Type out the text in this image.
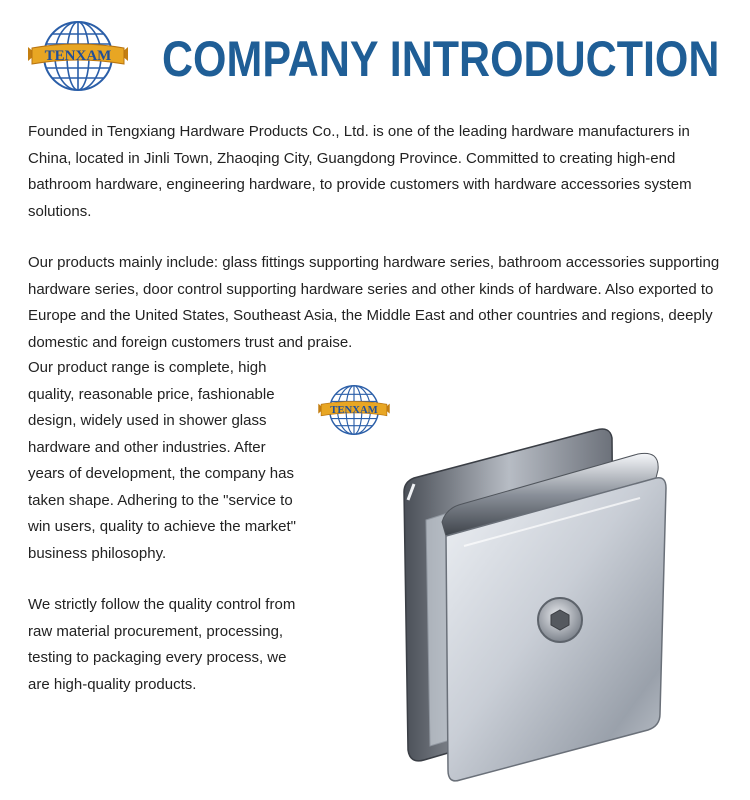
TENXAM COMPANY INTRODUCTION

Founded in Tengxiang Hardware Products Co., Ltd. is one of the leading hardware manufacturers in China, located in Jinli Town, Zhaoqing City, Guangdong Province. Committed to creating high-end bathroom hardware, engineering hardware, to provide customers with hardware accessories system solutions.

Our products mainly include: glass fittings supporting hardware series, bathroom accessories supporting hardware series, door control supporting hardware series and other kinds of hardware. Also exported to Europe and the United States, Southeast Asia, the Middle East and other countries and regions, deeply domestic and foreign customers trust and praise.

Our product range is complete, high quality, reasonable price, fashionable design, widely used in shower glass hardware and other industries. After years of development, the company has taken shape. Adhering to the "service to win users, quality to achieve the market" business philosophy.

We strictly follow the quality control from raw material procurement, processing, testing to packaging every process, we are high-quality products.

TENXAM
